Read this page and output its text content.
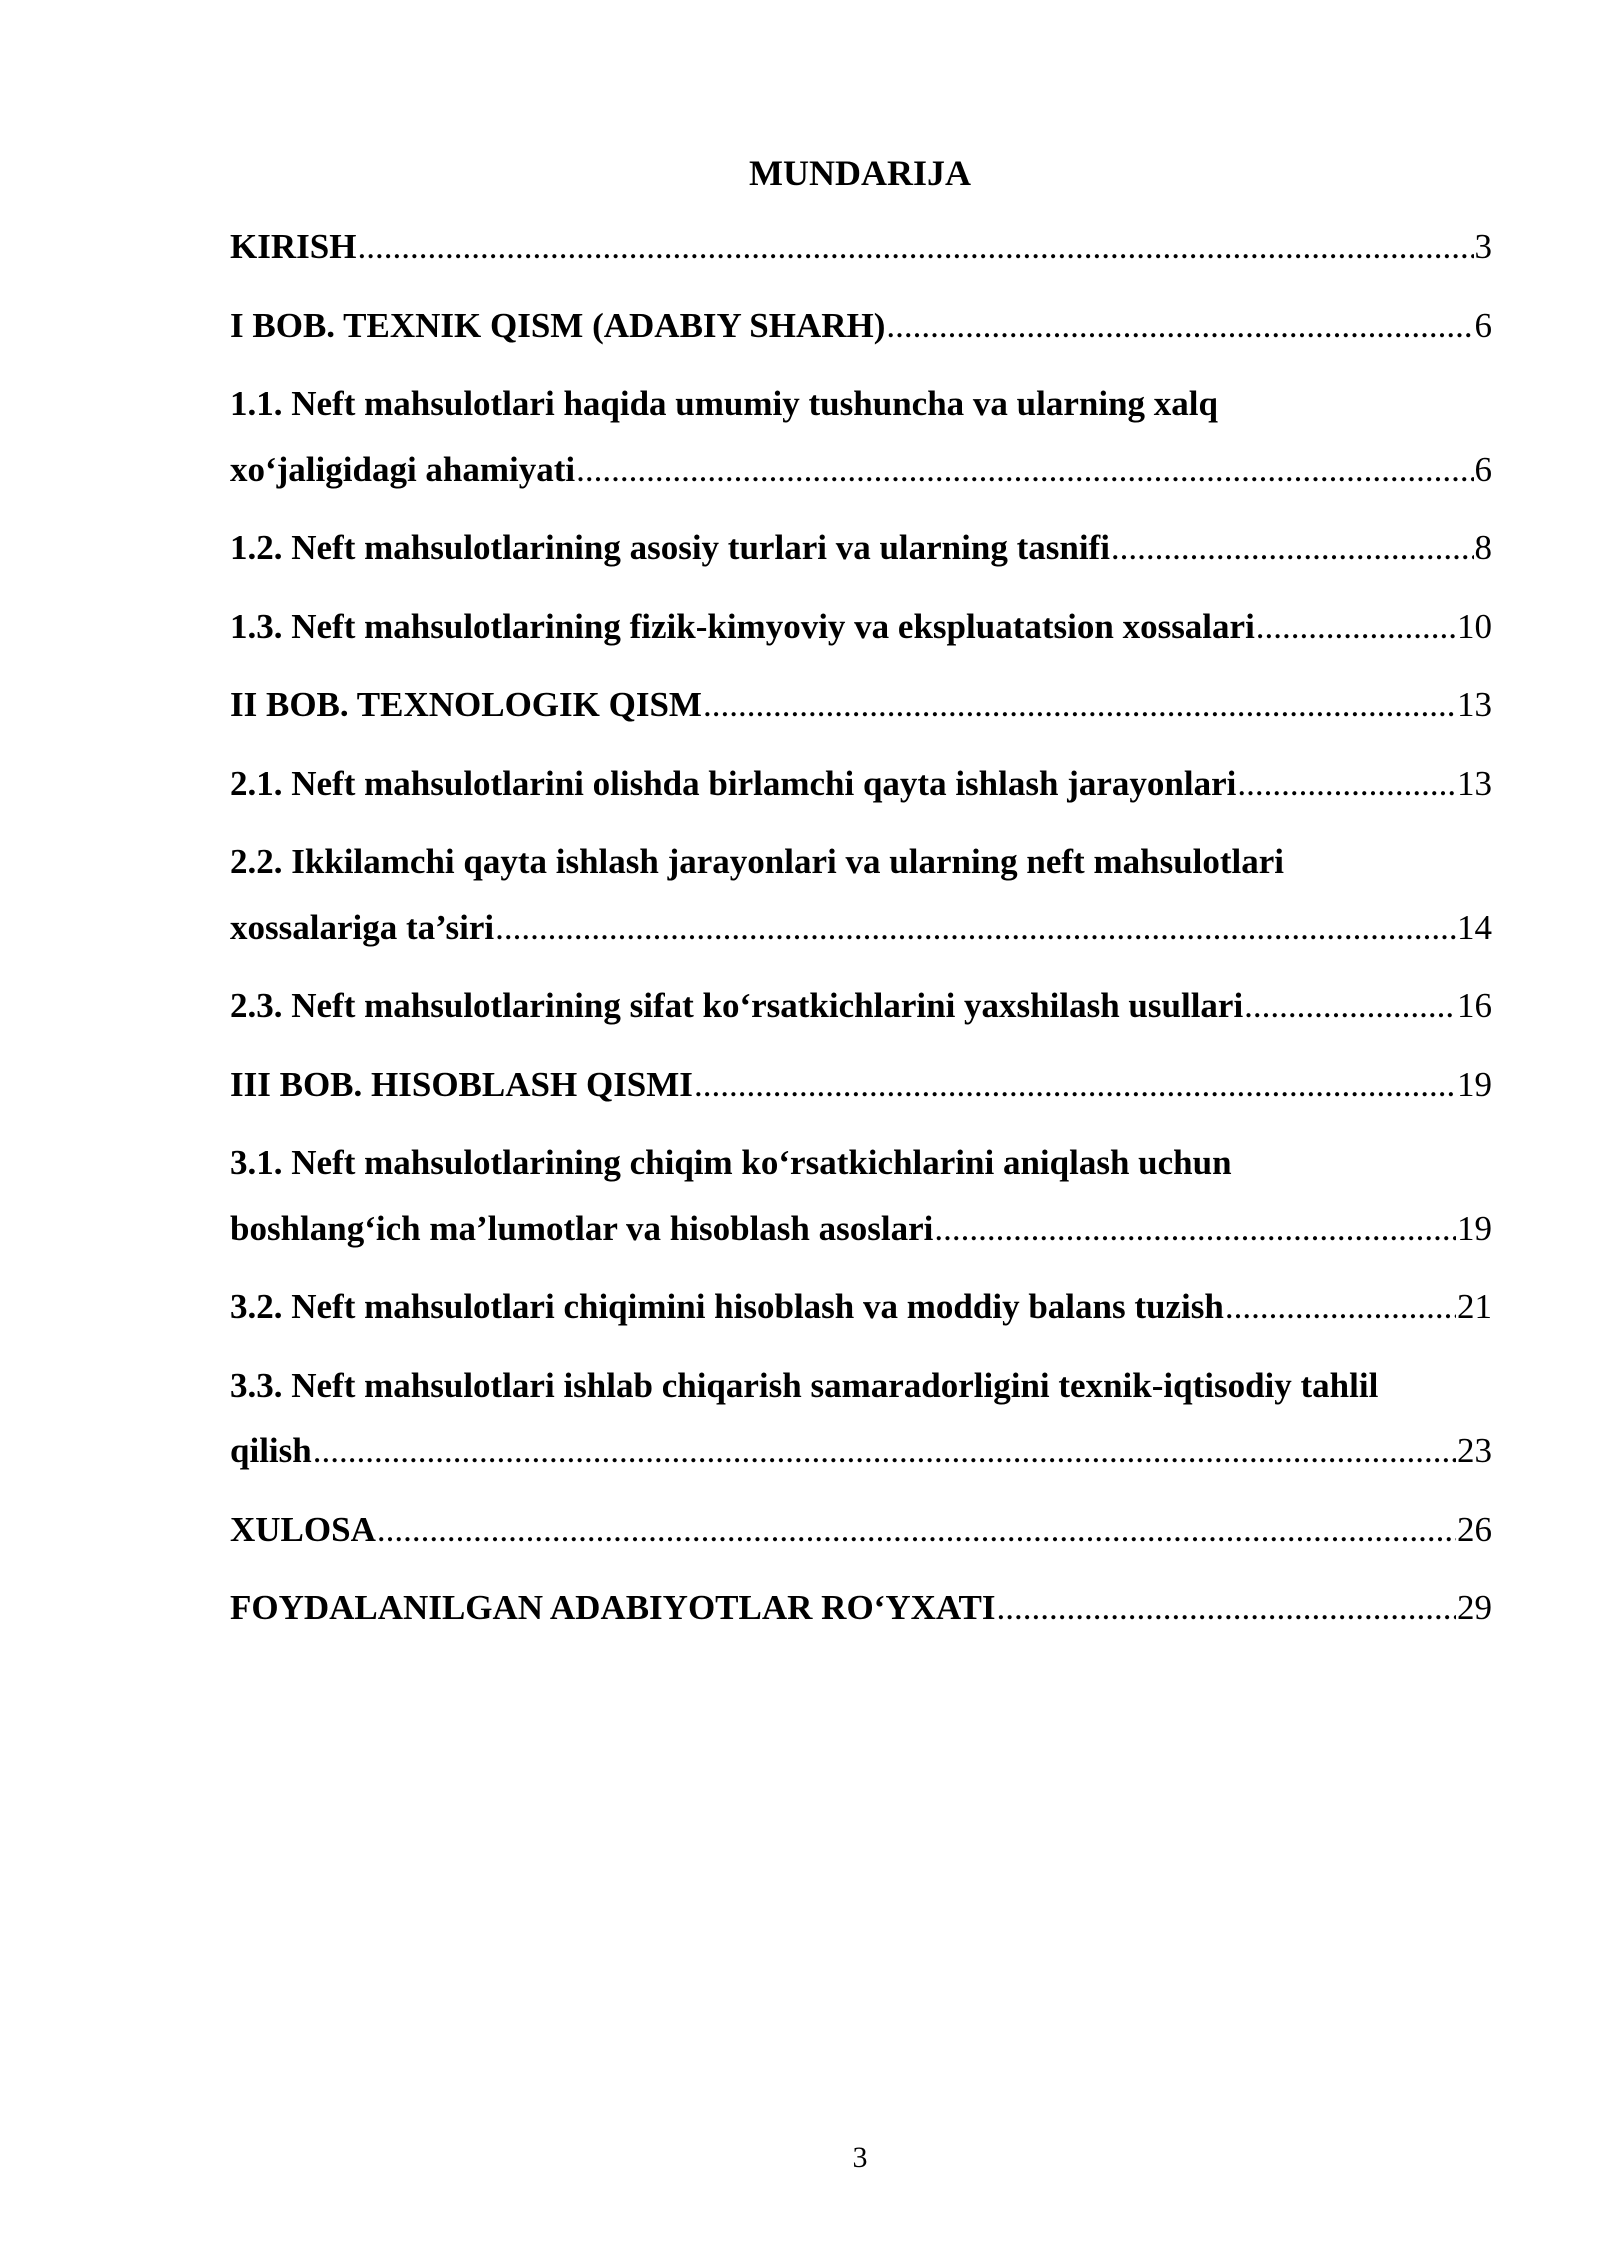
MUNDARIJA
KIRISH .....	3
I BOB. TEXNIK QISM (ADABIY SHARH) .....	6
1.1. Neft mahsulotlari haqida umumiy tushuncha va ularning xalq
xo‘jaligidagi ahamiyati .....	6
1.2. Neft mahsulotlarining asosiy turlari va ularning tasnifi .....	8
1.3. Neft mahsulotlarining fizik-kimyoviy va ekspluatatsion xossalari .....	10
II BOB. TEXNOLOGIK QISM .....	13
2.1. Neft mahsulotlarini olishda birlamchi qayta ishlash jarayonlari .....	13
2.2. Ikkilamchi qayta ishlash jarayonlari va ularning neft mahsulotlari
xossalariga ta’siri .....	14
2.3. Neft mahsulotlarining sifat ko‘rsatkichlarini yaxshilash usullari .....	16
III BOB. HISOBLASH QISMI .....	19
3.1. Neft mahsulotlarining chiqim ko‘rsatkichlarini aniqlash uchun
boshlang‘ich ma’lumotlar va hisoblash asoslari .....	19
3.2. Neft mahsulotlari chiqimini hisoblash va moddiy balans tuzish .....	21
3.3. Neft mahsulotlari ishlab chiqarish samaradorligini texnik-iqtisodiy tahlil
qilish .....	23
XULOSA .....	26
FOYDALANILGAN ADABIYOTLAR RO‘YXATI .....	29
3
